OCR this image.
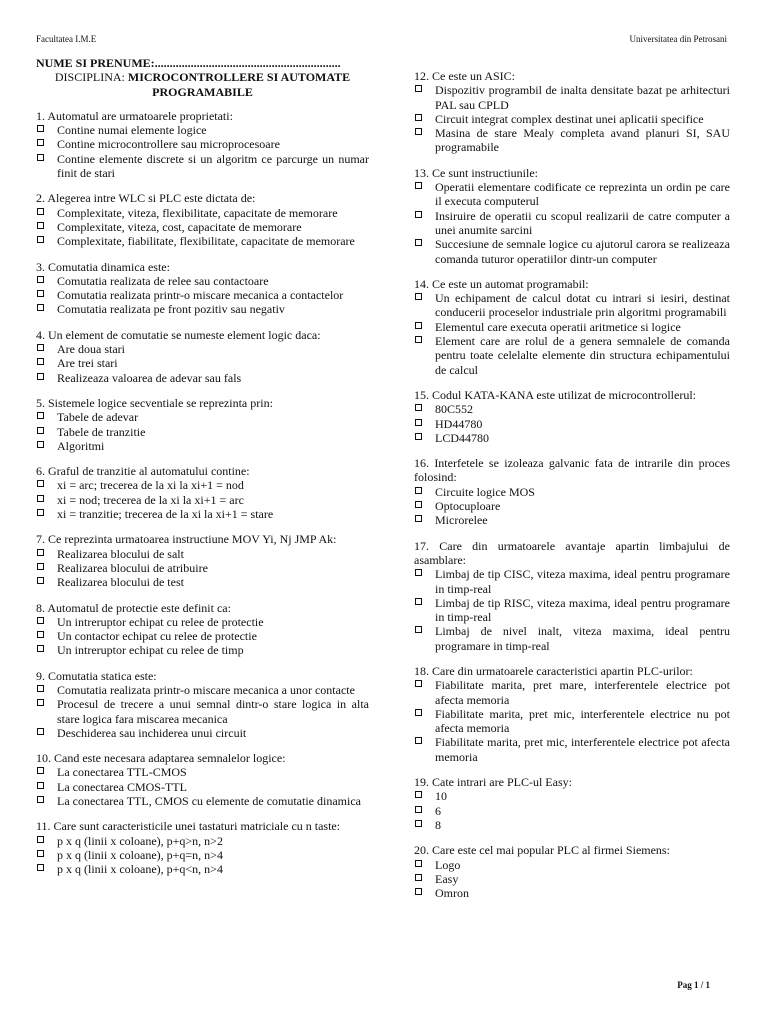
Facultatea I.M.E	Universitatea din Petrosani
NUME SI PRENUME:..............................................................
DISCIPLINA: MICROCONTROLLERE SI AUTOMATE PROGRAMABILE
1. Automatul are urmatoarele proprietati:
Contine numai elemente logice
Contine microcontrollere sau microprocesoare
Contine elemente discrete si un algoritm ce parcurge un numar finit de stari
2. Alegerea intre WLC si PLC este dictata de:
Complexitate, viteza, flexibilitate, capacitate de memorare
Complexitate, viteza, cost, capacitate de memorare
Complexitate, fiabilitate, flexibilitate, capacitate de memorare
3. Comutatia dinamica este:
Comutatia realizata de relee sau contactoare
Comutatia realizata printr-o miscare mecanica a contactelor
Comutatia realizata pe front pozitiv sau negativ
4. Un element de comutatie se numeste element logic daca:
Are doua stari
Are trei stari
Realizeaza valoarea de adevar sau fals
5. Sistemele logice secventiale se reprezinta prin:
Tabele de adevar
Tabele de tranzitie
Algoritmi
6. Graful de tranzitie al automatului contine:
xi = arc; trecerea de la xi la xi+1 = nod
xi = nod; trecerea de la xi la xi+1 = arc
xi = tranzitie; trecerea de la xi la xi+1 = stare
7. Ce reprezinta urmatoarea instructiune MOV Yi, Nj JMP Ak:
Realizarea blocului de salt
Realizarea blocului de atribuire
Realizarea blocului de test
8. Automatul de protectie este definit ca:
Un intreruptor echipat cu relee de protectie
Un contactor echipat cu relee de protectie
Un intreruptor echipat cu relee de timp
9. Comutatia statica este:
Comutatia realizata printr-o miscare mecanica a unor contacte
Procesul de trecere a unui semnal dintr-o stare logica in alta stare logica fara miscarea mecanica
Deschiderea sau inchiderea unui circuit
10. Cand este necesara adaptarea semnalelor logice:
La conectarea TTL-CMOS
La conectarea CMOS-TTL
La conectarea TTL, CMOS cu elemente de comutatie dinamica
11. Care sunt caracteristicile unei tastaturi matriciale cu n taste:
p x q (linii x coloane), p+q>n, n>2
p x q (linii x coloane), p+q=n, n>4
p x q (linii x coloane), p+q<n, n>4
12. Ce este un ASIC:
Dispozitiv programbil de inalta densitate bazat pe arhitecturi PAL sau CPLD
Circuit integrat complex destinat unei aplicatii specifice
Masina de stare Mealy completa avand planuri SI, SAU programabile
13. Ce sunt instructiunile:
Operatii elementare codificate ce reprezinta un ordin pe care il executa computerul
Insiruire de operatii cu scopul realizarii de catre computer a unei anumite sarcini
Succesiune de semnale logice cu ajutorul carora se realizeaza comanda tuturor operatiilor dintr-un computer
14. Ce este un automat programabil:
Un echipament de calcul dotat cu intrari si iesiri, destinat conducerii proceselor industriale prin algoritmi programabili
Elementul care executa operatii aritmetice si logice
Element care are rolul de a genera semnalele de comanda pentru toate celelalte elemente din structura echipamentului de calcul
15. Codul KATA-KANA este utilizat de microcontrollerul:
80C552
HD44780
LCD44780
16. Interfetele se izoleaza galvanic fata de intrarile din proces folosind:
Circuite logice MOS
Optocuploare
Microrelee
17. Care din urmatoarele avantaje apartin limbajului de asamblare:
Limbaj de tip CISC, viteza maxima, ideal pentru programare in timp-real
Limbaj de tip RISC, viteza maxima, ideal pentru programare in timp-real
Limbaj de nivel inalt, viteza maxima, ideal pentru programare in timp-real
18. Care din urmatoarele caracteristici apartin PLC-urilor:
Fiabilitate marita, pret mare, interferentele electrice pot afecta memoria
Fiabilitate marita, pret mic, interferentele electrice nu pot afecta memoria
Fiabilitate marita, pret mic, interferentele electrice pot afecta memoria
19. Cate intrari are PLC-ul Easy:
10
6
8
20. Care este cel mai popular PLC al firmei Siemens:
Logo
Easy
Omron
Pag 1 / 1
